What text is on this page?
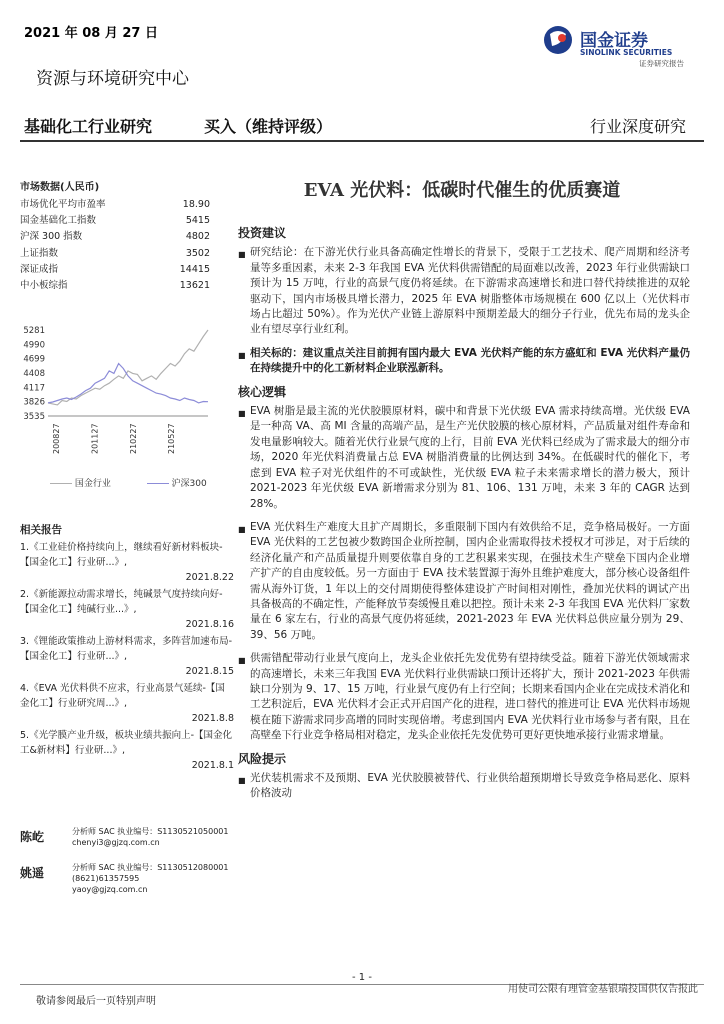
2021 年 08 月 27 日
资源与环境研究中心
基础化工行业研究	买入（维持评级）	行业深度研究
国金证券
SINOLINK SECURITIES
证券研究报告
市场数据(人民币)
市场优化平均市盈率	18.90
国金基础化工指数	5415
沪深 300 指数	4802
上证指数	3502
深证成指	14415
中小板综指	13621
5281
4990
4699
4408
4117
3826
3535
200827	201127	210227	210527
国金行业	沪深300
相关报告
1.《工业硅价格持续向上，继续看好新材料板块-【国金化工】行业研...》,
2021.8.22
2.《新能源拉动需求增长，纯碱景气度持续向好-【国金化工】纯碱行业...》,
2021.8.16
3.《锂能政策推动上游材料需求，多阵营加速布局-【国金化工】行业研...》,
2021.8.15
4.《EVA 光伏料供不应求，行业高景气延续-【国金化工】行业研究周...》,
2021.8.8
5.《光学膜产业升级，板块业绩共振向上-【国金化工&新材料】行业研...》,
2021.8.1
陈屹	分析师 SAC 执业编号：S1130521050001
chenyi3@gjzq.com.cn
姚遥	分析师 SAC 执业编号：S1130512080001
(8621)61357595
yaoy@gjzq.com.cn
EVA 光伏料：低碳时代催生的优质赛道
投资建议
■ 研究结论：在下游光伏行业具备高确定性增长的背景下，受限于工艺技术、爬产周期和经济考量等多重因素，未来 2-3 年我国 EVA 光伏料供需错配的局面难以改善，2023 年行业供需缺口预计为 15 万吨，行业的高景气度仍将延续。在下游需求高速增长和进口替代持续推进的双轮驱动下，国内市场极具增长潜力，2025 年 EVA 树脂整体市场规模在 600 亿以上（光伏料市场占比超过 50%）。作为光伏产业链上游原料中预期差最大的细分子行业，优先布局的龙头企业有望尽享行业红利。

■ 相关标的：建议重点关注目前拥有国内最大 EVA 光伏料产能的东方盛虹和 EVA 光伏料产量仍在持续提升中的化工新材料企业联泓新科。

核心逻辑
■ EVA 树脂是最主流的光伏胶膜原材料，碳中和背景下光伏级 EVA 需求持续高增。光伏级 EVA 是一种高 VA、高 MI 含量的高端产品，是生产光伏胶膜的核心原材料，产品质量对组件寿命和发电量影响较大。随着光伏行业景气度的上行，目前 EVA 光伏料已经成为了需求最大的细分市场，2020 年光伏料消费量占总 EVA 树脂消费量的比例达到 34%。在低碳时代的催化下，考虑到 EVA 粒子对光伏组件的不可或缺性，光伏级 EVA 粒子未来需求增长的潜力极大，预计 2021-2023 年光伏级 EVA 新增需求分别为 81、106、131 万吨，未来 3 年的 CAGR 达到 28%。

■ EVA 光伏料生产难度大且扩产周期长，多重限制下国内有效供给不足，竞争格局极好。一方面 EVA 光伏料的工艺包被少数跨国企业所控制，国内企业需取得技术授权才可涉足，对于后续的经济化量产和产品质量提升则要依靠自身的工艺积累来实现，在强技术生产壁垒下国内企业增产扩产的自由度较低。另一方面由于 EVA 技术装置源于海外且维护难度大，部分核心设备组件需从海外订货，1 年以上的交付周期使得整体建设扩产时间相对刚性，叠加光伏料的调试产出具备极高的不确定性，产能释放节奏缓慢且难以把控。预计未来 2-3 年我国 EVA 光伏料厂家数量在 6 家左右，行业的高景气度仍将延续，2021-2023 年 EVA 光伏料总供应量分别为 29、39、56 万吨。

■ 供需错配带动行业景气度向上，龙头企业依托先发优势有望持续受益。随着下游光伏领域需求的高速增长，未来三年我国 EVA 光伏料行业供需缺口预计还将扩大，预计 2021-2023 年供需缺口分别为 9、17、15 万吨，行业景气度仍有上行空间；长期来看国内企业在完成技术消化和工艺积淀后，EVA 光伏料才会正式开启国产化的进程，进口替代的推进可让 EVA 光伏料市场规模在随下游需求同步高增的同时实现倍增。考虑到国内 EVA 光伏料行业市场参与者有限，且在高壁垒下行业竞争格局相对稳定，龙头企业依托先发优势可更好更快地承接行业需求增量。

风险提示
■ 光伏装机需求不及预期、EVA 光伏胶膜被替代、行业供给超预期增长导致竞争格局恶化、原料价格波动

- 1 -
敬请参阅最后一页特别声明
用使司公限有理管金基银瑞投国供仅告报此
